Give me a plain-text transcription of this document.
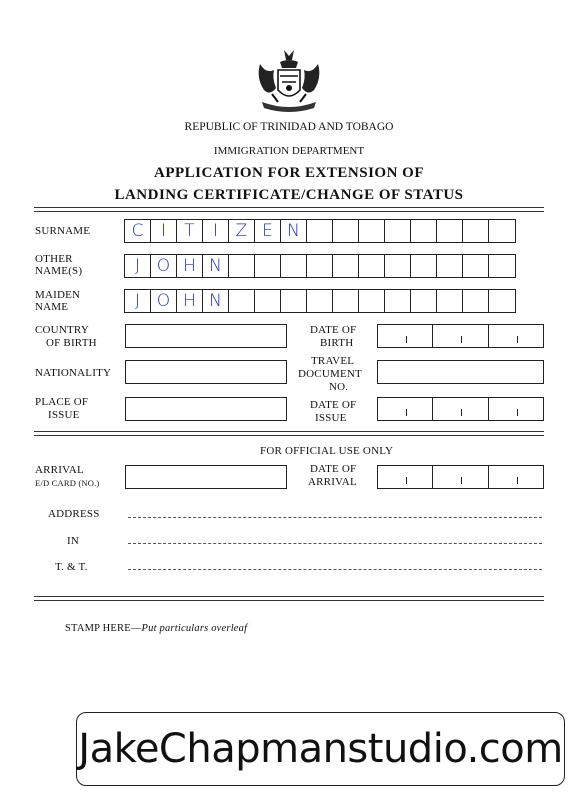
REPUBLIC OF TRINIDAD AND TOBAGO
IMMIGRATION DEPARTMENT
APPLICATION FOR EXTENSION OF
LANDING CERTIFICATE/CHANGE OF STATUS
SURNAME	C	I	T	I	Z E N
OTHER
NAME(S)	J O H N
MAIDEN
NAME	J O H N
COUNTRY
OF BIRTH
DATE OF
BIRTH
NATIONALITY
TRAVEL
DOCUMENT
NO.
PLACE OF
ISSUE
DATE OF
ISSUE
FOR OFFICIAL USE ONLY
ARRIVAL
E/D CARD (NO.)
DATE OF
ARRIVAL
ADDRESS
IN
T. & T.
STAMP HERE—Put particulars overleaf
JakeChapmanstudio.com
